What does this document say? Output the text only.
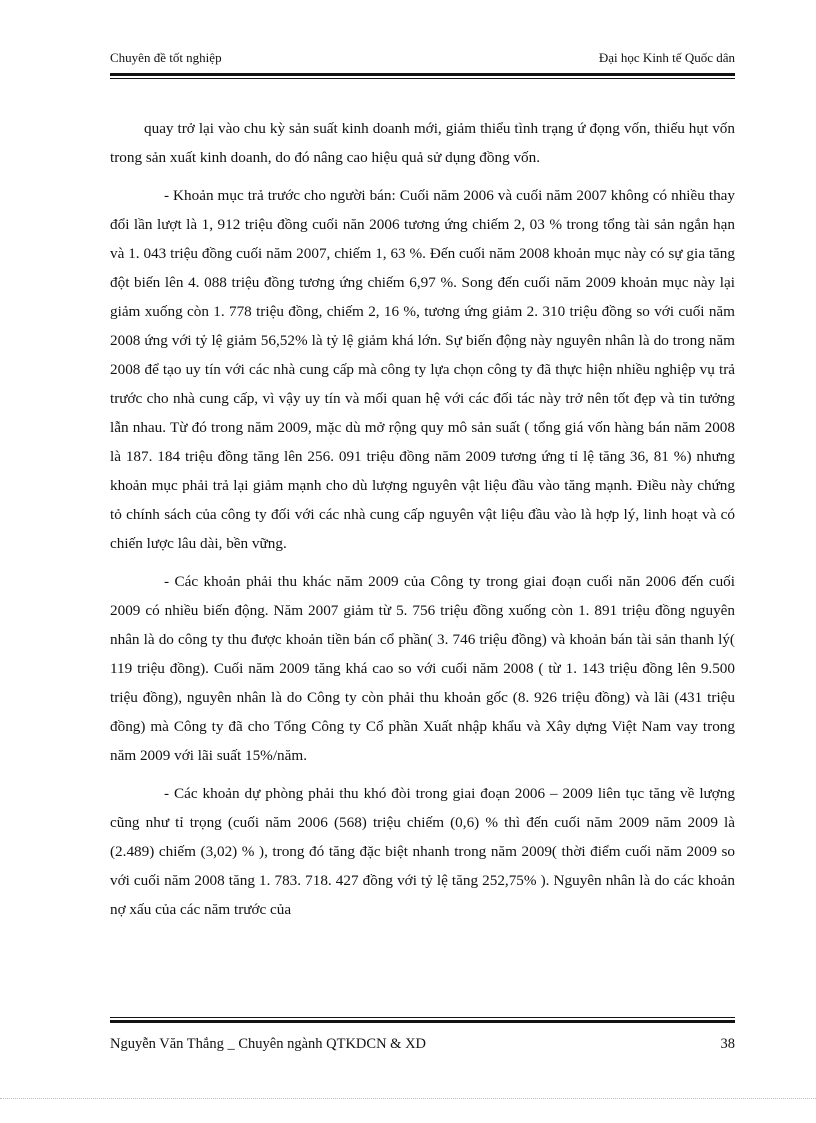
Chuyên đề tốt nghiệp	Đại học Kinh tế Quốc dân

quay trở lại vào chu kỳ sản suất kinh doanh mới, giảm thiểu tình trạng ứ đọng vốn, thiếu hụt vốn trong sản xuất kinh doanh, do đó nâng cao hiệu quả sử dụng đồng vốn.

- Khoản mục trả trước cho người bán: Cuối năm 2006 và cuối năm 2007 không có nhiều thay đổi lần lượt là 1, 912 triệu đồng cuối năn 2006 tương ứng chiếm 2, 03 % trong tổng tài sản ngắn hạn và 1. 043 triệu đồng cuối năm 2007, chiếm 1, 63 %. Đến cuối năm 2008 khoản mục này có sự gia tăng đột biến lên 4. 088 triệu đồng tương ứng chiếm 6,97 %. Song đến cuối năm 2009 khoản mục này lại giảm xuống còn 1. 778 triệu đồng, chiếm 2, 16 %, tương ứng giảm 2. 310 triệu đồng so với cuối năm 2008 ứng với tỷ lệ giảm 56,52% là tỷ lệ giảm khá lớn. Sự biến động này nguyên nhân là do trong năm 2008 để tạo uy tín với các nhà cung cấp mà công ty lựa chọn công ty đã thực hiện nhiều nghiệp vụ trả trước cho nhà cung cấp, vì vậy uy tín và mối quan hệ với các đối tác này trở nên tốt đẹp và tin tưởng lẫn nhau. Từ đó trong năm 2009, mặc dù mở rộng quy mô sản suất ( tổng giá vốn hàng bán năm 2008 là 187. 184 triệu đồng tăng lên 256. 091 triệu đồng năm 2009 tương ứng tỉ lệ tăng 36, 81 %) nhưng khoản mục phải trả lại giảm mạnh cho dù lượng nguyên vật liệu đầu vào tăng mạnh. Điều này chứng tỏ chính sách của công ty đối với các nhà cung cấp nguyên vật liệu đầu vào là hợp lý, linh hoạt và có chiến lược lâu dài, bền vững.

- Các khoản phải thu khác năm 2009 của Công ty trong giai đoạn cuối năn 2006 đến cuối 2009 có nhiều biến động. Năm 2007 giảm từ 5. 756 triệu đồng xuống còn 1. 891 triệu đồng nguyên nhân là do công ty thu được khoản tiền bán cổ phần( 3. 746 triệu đồng) và khoản bán tài sản thanh lý( 119 triệu đồng). Cuối năm 2009 tăng khá cao so với cuối năm 2008 ( từ 1. 143 triệu đồng lên 9.500 triệu đồng), nguyên nhân là do Công ty còn phải thu khoản gốc (8. 926 triệu đồng) và lãi (431 triệu đồng) mà Công ty đã cho Tổng Công ty Cổ phần Xuất nhập khẩu và Xây dựng Việt Nam vay trong năm 2009 với lãi suất 15%/năm.

- Các khoản dự phòng phải thu khó đòi trong giai đoạn 2006 – 2009 liên tục tăng về lượng cũng như tỉ trọng (cuối năm 2006 (568) triệu chiếm (0,6) % thì đến cuối năm 2009 năm 2009 là (2.489) chiếm (3,02) % ), trong đó tăng đặc biệt nhanh trong năm 2009( thời điểm cuối năm 2009 so với cuối năm 2008 tăng 1. 783. 718. 427 đồng với tỷ lệ tăng 252,75% ). Nguyên nhân là do các khoản nợ xấu của các năm trước của

Nguyễn Văn Thắng _ Chuyên ngành QTKDCN & XD	38
